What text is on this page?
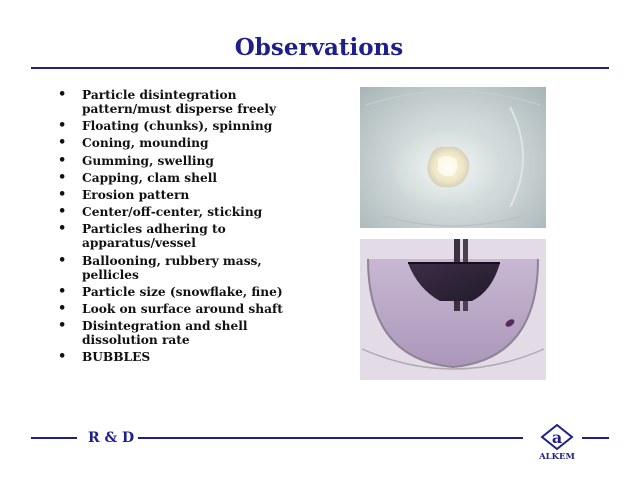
Observations
• Particle disintegration pattern/must disperse freely
• Floating (chunks), spinning
• Coning, mounding
• Gumming, swelling
• Capping, clam shell
• Erosion pattern
• Center/off-center, sticking
• Particles adhering to apparatus/vessel
• Ballooning, rubbery mass, pellicles
• Particle size (snowflake, fine)
• Look on surface around shaft
• Disintegration and shell dissolution rate
• BUBBLES
R & D	a
ALKEM
